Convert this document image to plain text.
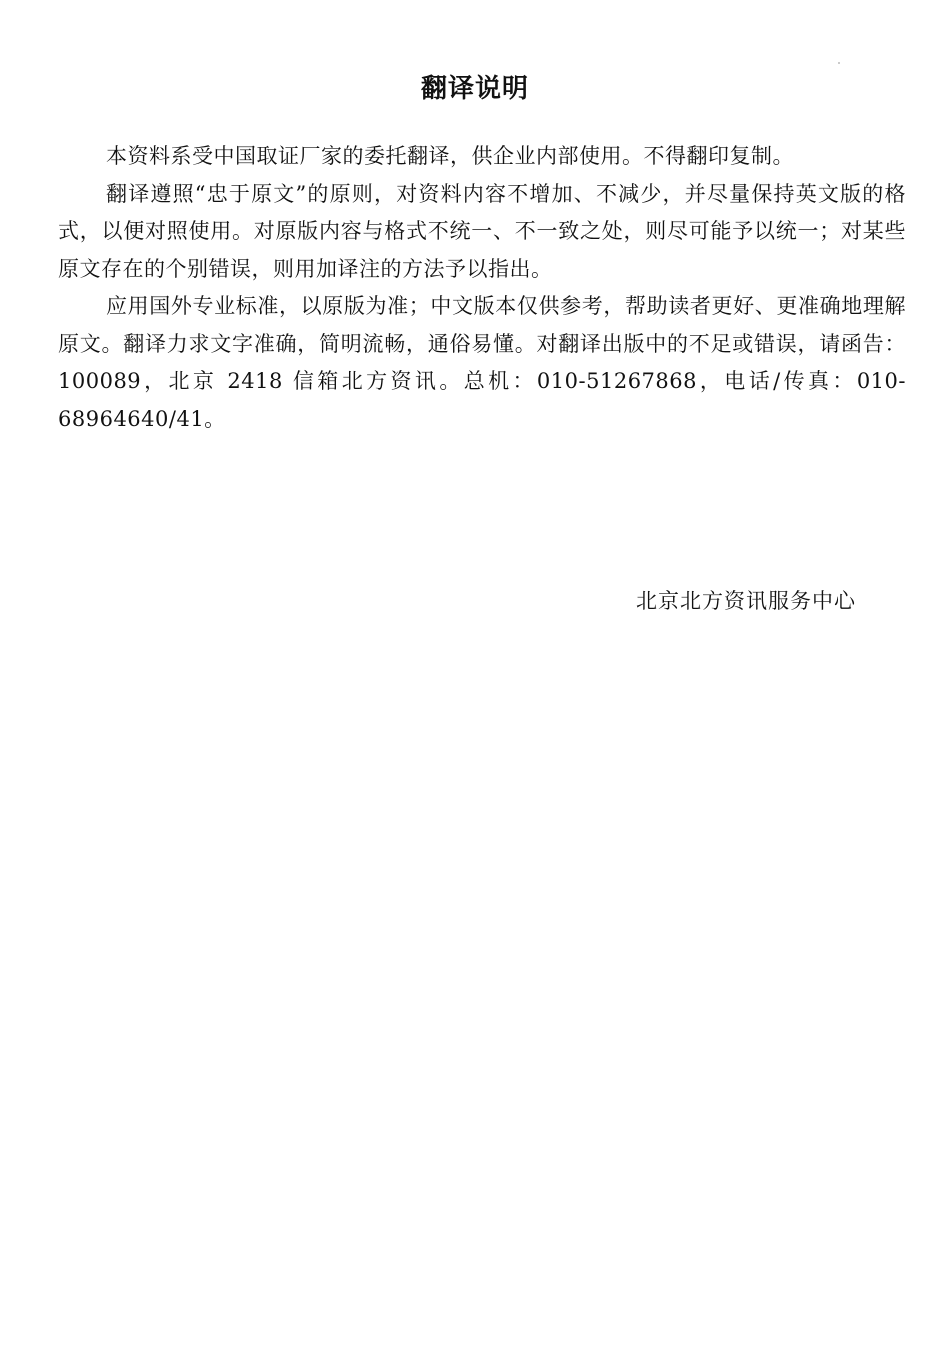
翻译说明

本资料系受中国取证厂家的委托翻译，供企业内部使用。不得翻印复制。

翻译遵照“忠于原文”的原则，对资料内容不增加、不减少，并尽量保持英文版的格式，以便对照使用。对原版内容与格式不统一、不一致之处，则尽可能予以统一；对某些原文存在的个别错误，则用加译注的方法予以指出。

应用国外专业标准，以原版为准；中文版本仅供参考，帮助读者更好、更准确地理解原文。翻译力求文字准确，简明流畅，通俗易懂。对翻译出版中的不足或错误，请函告：100089，北京 2418 信箱北方资讯。总机：010-51267868，电话/传真：010-68964640/41。

北京北方资讯服务中心
